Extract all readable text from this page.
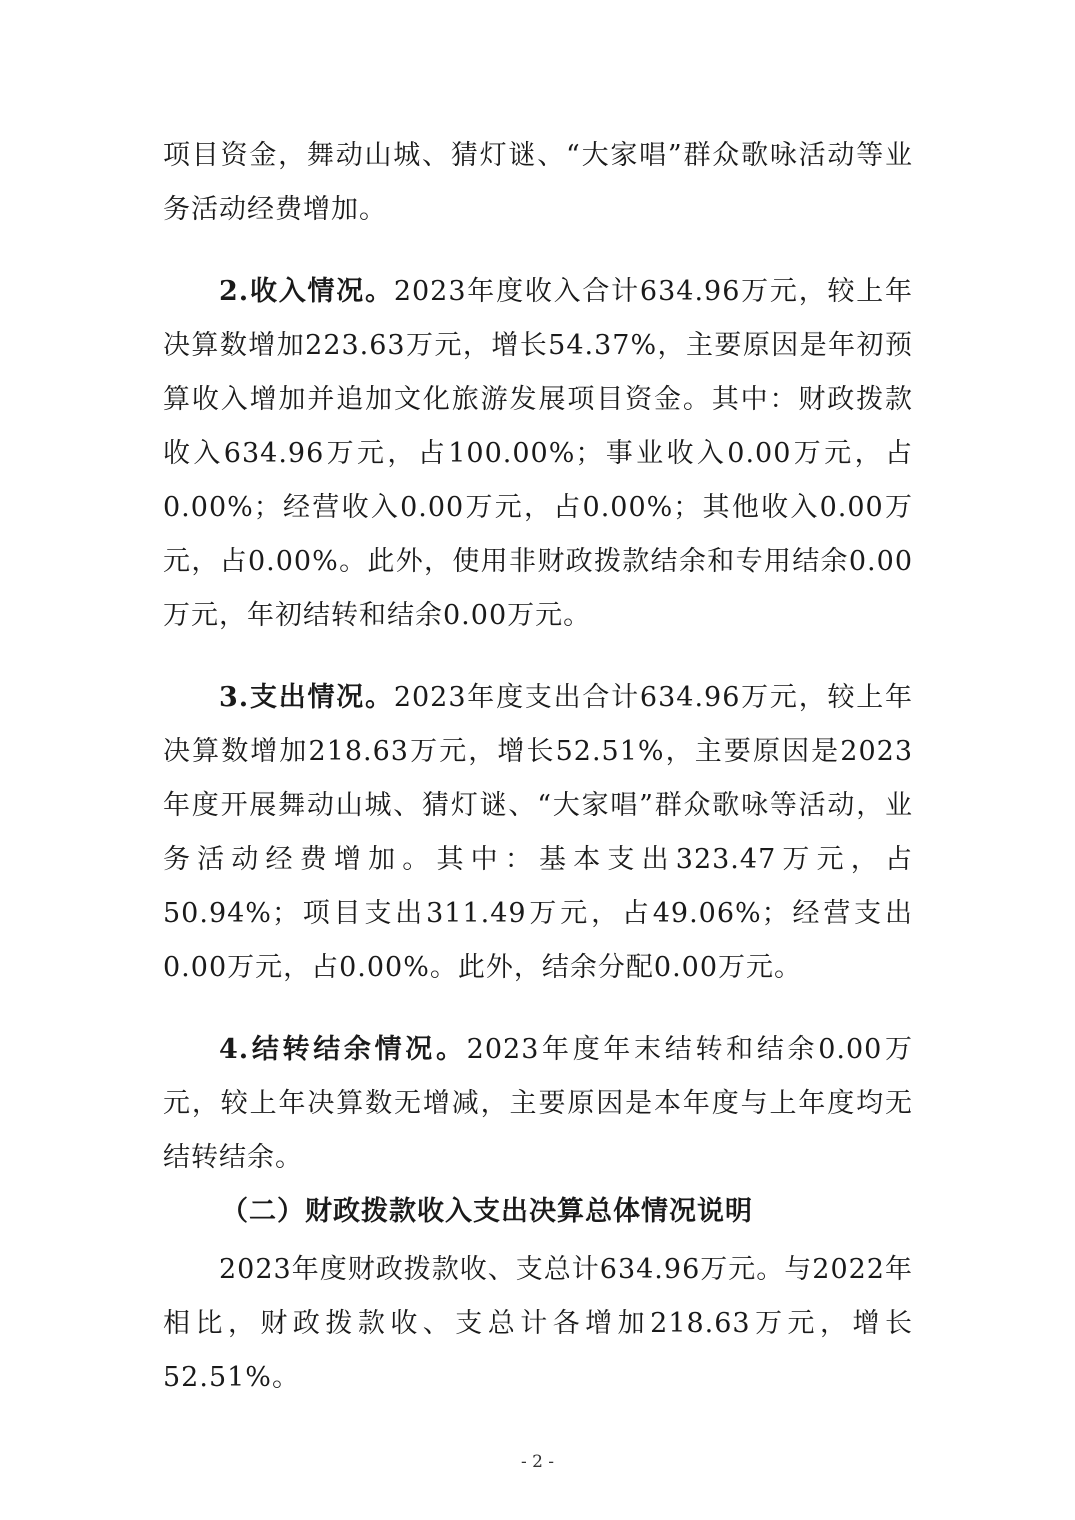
项目资金，舞动山城、猜灯谜、“大家唱”群众歌咏活动等业务活动经费增加。

2.收入情况。2023年度收入合计634.96万元，较上年决算数增加223.63万元，增长54.37%，主要原因是年初预算收入增加并追加文化旅游发展项目资金。其中：财政拨款收入634.96万元，占100.00%；事业收入0.00万元，占0.00%；经营收入0.00万元，占0.00%；其他收入0.00万元，占0.00%。此外，使用非财政拨款结余和专用结余0.00万元，年初结转和结余0.00万元。

3.支出情况。2023年度支出合计634.96万元，较上年决算数增加218.63万元，增长52.51%，主要原因是2023年度开展舞动山城、猜灯谜、“大家唱”群众歌咏等活动，业务活动经费增加。其中：基本支出323.47万元，占50.94%；项目支出311.49万元，占49.06%；经营支出0.00万元，占0.00%。此外，结余分配0.00万元。

4.结转结余情况。2023年度年末结转和结余0.00万元，较上年决算数无增减，主要原因是本年度与上年度均无结转结余。

（二）财政拨款收入支出决算总体情况说明

2023年度财政拨款收、支总计634.96万元。与2022年相比，财政拨款收、支总计各增加218.63万元，增长52.51%。

- 2 -
